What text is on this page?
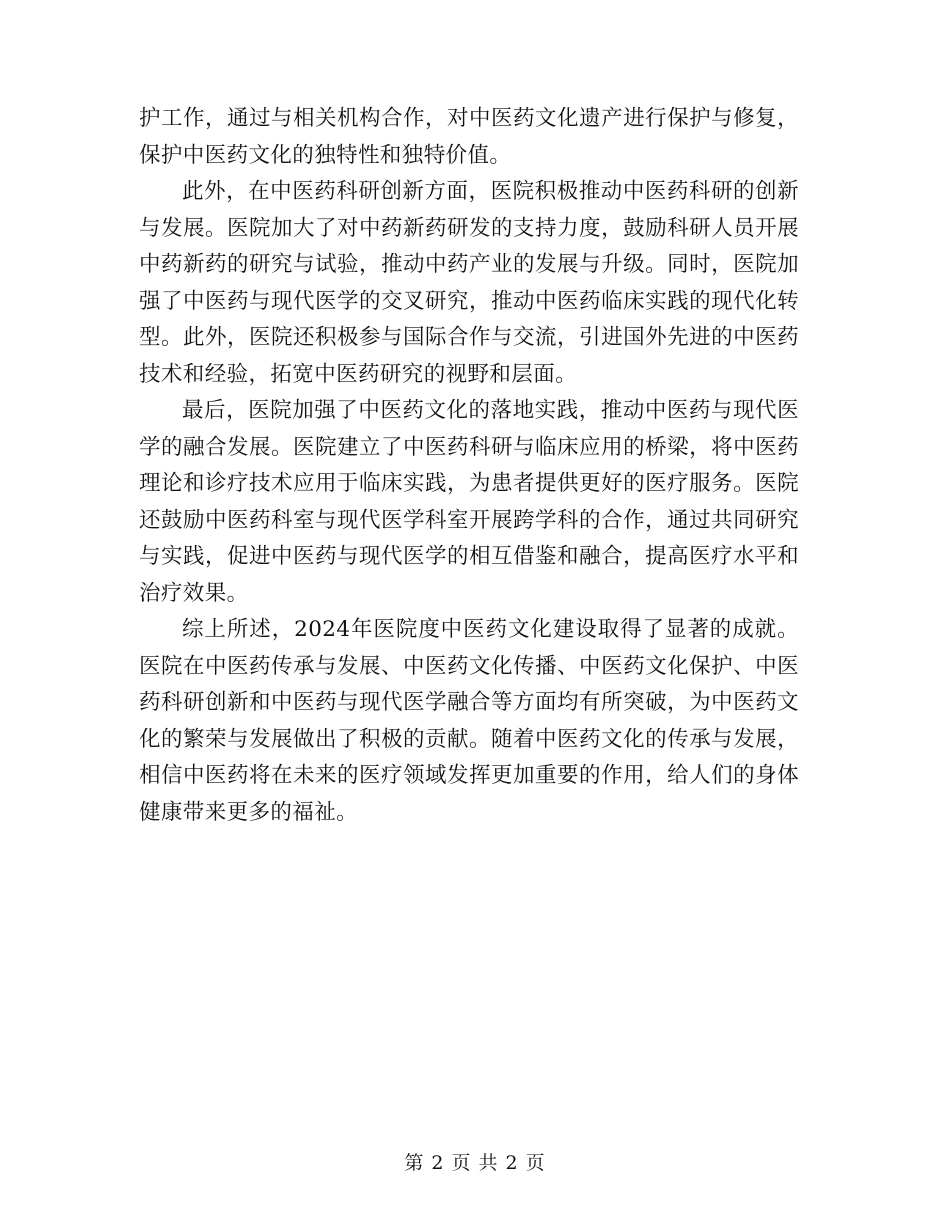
护工作，通过与相关机构合作，对中医药文化遗产进行保护与修复，保护中医药文化的独特性和独特价值。

此外，在中医药科研创新方面，医院积极推动中医药科研的创新与发展。医院加大了对中药新药研发的支持力度，鼓励科研人员开展中药新药的研究与试验，推动中药产业的发展与升级。同时，医院加强了中医药与现代医学的交叉研究，推动中医药临床实践的现代化转型。此外，医院还积极参与国际合作与交流，引进国外先进的中医药技术和经验，拓宽中医药研究的视野和层面。

最后，医院加强了中医药文化的落地实践，推动中医药与现代医学的融合发展。医院建立了中医药科研与临床应用的桥梁，将中医药理论和诊疗技术应用于临床实践，为患者提供更好的医疗服务。医院还鼓励中医药科室与现代医学科室开展跨学科的合作，通过共同研究与实践，促进中医药与现代医学的相互借鉴和融合，提高医疗水平和治疗效果。

综上所述，2024年医院度中医药文化建设取得了显著的成就。医院在中医药传承与发展、中医药文化传播、中医药文化保护、中医药科研创新和中医药与现代医学融合等方面均有所突破，为中医药文化的繁荣与发展做出了积极的贡献。随着中医药文化的传承与发展，相信中医药将在未来的医疗领域发挥更加重要的作用，给人们的身体健康带来更多的福祉。

第 2 页 共 2 页
